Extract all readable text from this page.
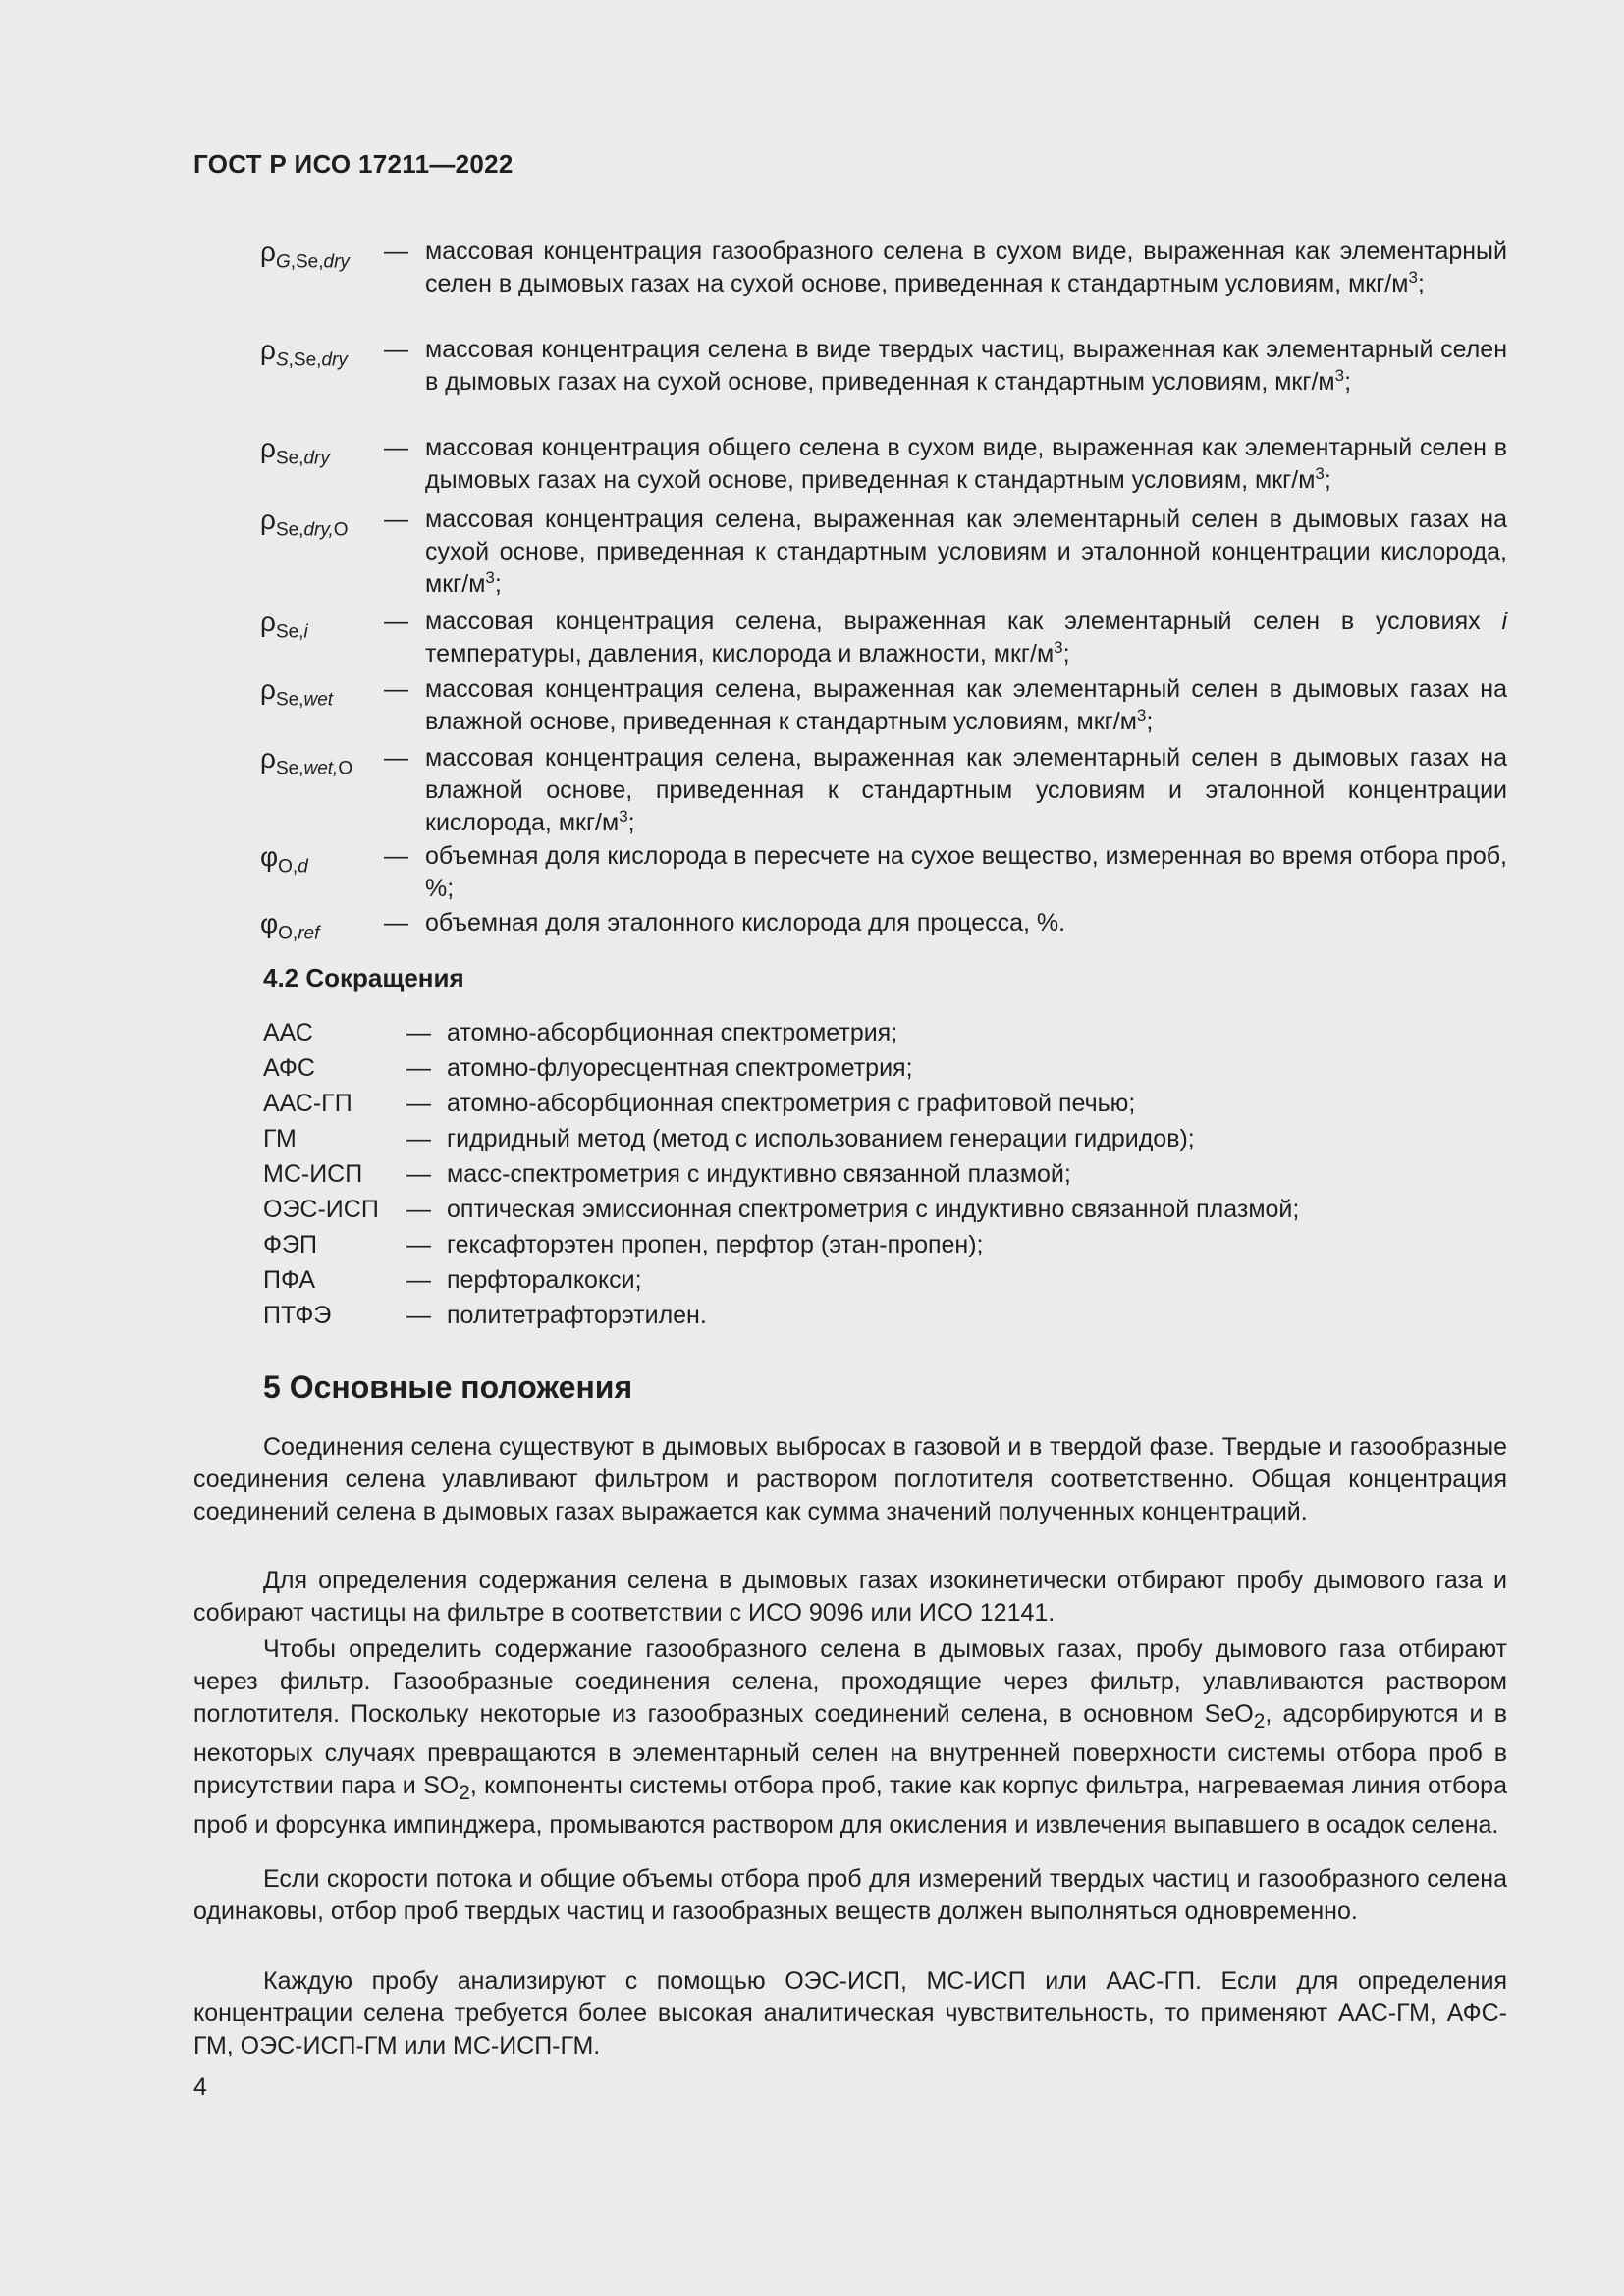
ГОСТ Р ИСО 17211—2022
$\rho_{G,Se,dry}$ — массовая концентрация газообразного селена в сухом виде, выраженная как элементарный селен в дымовых газах на сухой основе, приведенная к стандартным условиям, мкг/$м^3$;
$\rho_{S,Se,dry}$ — массовая концентрация селена в виде твердых частиц, выраженная как элементарный селен в дымовых газах на сухой основе, приведенная к стандартным условиям, мкг/$м^3$;
$\rho_{Se,dry}$ — массовая концентрация общего селена в сухом виде, выраженная как элементарный селен в дымовых газах на сухой основе, приведенная к стандартным условиям, мкг/$м^3$;
$\rho_{Se,dry,O}$ — массовая концентрация селена, выраженная как элементарный селен в дымовых газах на сухой основе, приведенная к стандартным условиям и эталонной концентрации кислорода, мкг/$м^3$;
$\rho_{Se,i}$	— массовая концентрация селена, выраженная как элементарный селен в условиях i температуры, давления, кислорода и влажности, мкг/$м^3$;
$\rho_{Se,wet}$ — массовая концентрация селена, выраженная как элементарный селен в дымовых газах на влажной основе, приведенная к стандартным условиям, мкг/$м^3$;
$\rho_{Se,wet,O}$ — массовая концентрация селена, выраженная как элементарный селен в дымовых газах на влажной основе, приведенная к стандартным условиям и эталонной концентрации кислорода, мкг/$м^3$;
$\varphi_{O,d}$	— объемная доля кислорода в пересчете на сухое вещество, измеренная во время отбора проб, %;
$\varphi_{O,ref}$	— объемная доля эталонного кислорода для процесса, %.
4.2 Сокращения
ААС	— атомно-абсорбционная спектрометрия;
АФС	— атомно-флуоресцентная спектрометрия;
ААС-ГП — атомно-абсорбционная спектрометрия с графитовой печью;
ГМ	— гидридный метод (метод с использованием генерации гидридов);
МС-ИСП — масс-спектрометрия с индуктивно связанной плазмой;
ОЭС-ИСП — оптическая эмиссионная спектрометрия с индуктивно связанной плазмой;
ФЭП	— гексафторэтен пропен, перфтор (этан-пропен);
ПФА	— перфторалкокси;
ПТФЭ	— политетрафторэтилен.
5 Основные положения
Соединения селена существуют в дымовых выбросах в газовой и в твердой фазе. Твердые и газообразные соединения селена улавливают фильтром и раствором поглотителя соответственно. Общая концентрация соединений селена в дымовых газах выражается как сумма значений полученных концентраций.
Для определения содержания селена в дымовых газах изокинетически отбирают пробу дымового газа и собирают частицы на фильтре в соответствии с ИСО 9096 или ИСО 12141.
Чтобы определить содержание газообразного селена в дымовых газах, пробу дымового газа отбирают через фильтр. Газообразные соединения селена, проходящие через фильтр, улавливаются раствором поглотителя. Поскольку некоторые из газообразных соединений селена, в основном SeO$_2$, адсорбируются и в некоторых случаях превращаются в элементарный селен на внутренней поверхности системы отбора проб в присутствии пара и $SO_2$, компоненты системы отбора проб, такие как корпус фильтра, нагреваемая линия отбора проб и форсунка импинджера, промываются раствором для окисления и извлечения выпавшего в осадок селена.
Если скорости потока и общие объемы отбора проб для измерений твердых частиц и газообразного селена одинаковы, отбор проб твердых частиц и газообразных веществ должен выполняться одновременно.
Каждую пробу анализируют с помощью ОЭС-ИСП, МС-ИСП или ААС-ГП. Если для определения концентрации селена требуется более высокая аналитическая чувствительность, то применяют ААС-ГМ, АФС-ГМ, ОЭС-ИСП-ГМ или МС-ИСП-ГМ.
4
